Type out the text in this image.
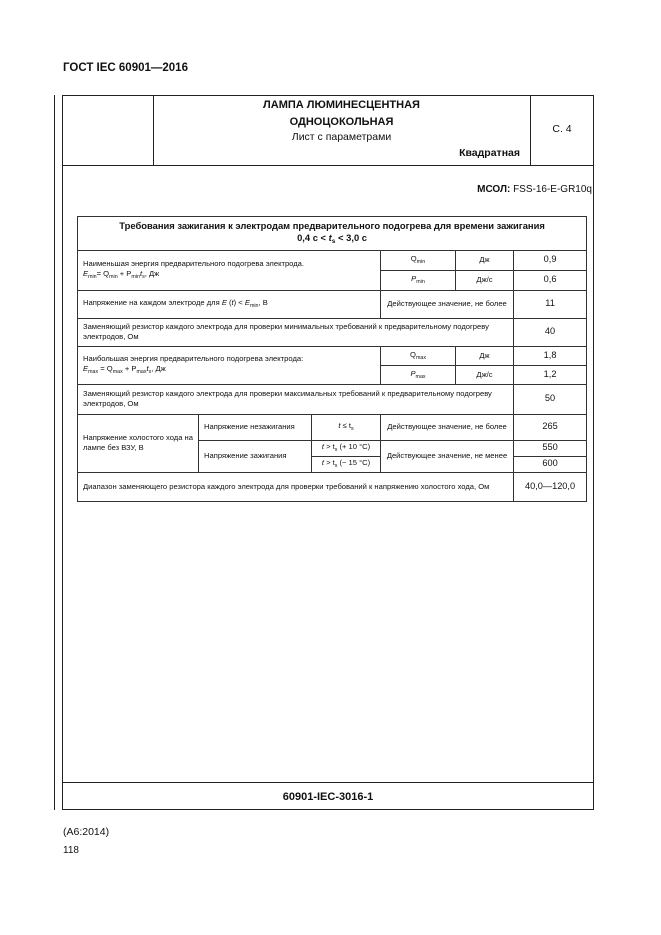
ГОСТ IEC 60901—2016
ЛАМПА ЛЮМИНЕСЦЕНТНАЯ
ОДНОЦОКОЛЬНАЯ
Лист с параметрами
Квадратная
С. 4
МСОЛ: FSS-16-E-GR10q
Требования зажигания к электродам предварительного подогрева для времени зажигания
0,4 $с < t_s < 3,0$ с					
Наименьшая энергия предварительного подогрева электрода.
$E_{min}= Q_{min} + P_{min}t_s$, Дж			$Q_{min}$	Дж	0,9
			$P_{min}$	Дж/с	0,6
Напряжение на каждом электроде для E $(t) < E_{min}$, В			Действующее значение, не более		11
Заменяющий резистор каждого электрода для проверки минимальных требований к предварительному подогреву электродов, Ом					40
Наибольшая энергия предварительного подогрева электрода:
$E_{max} = Q_{max} + P_{max}t_s$, Дж			$Q_{max}$	Дж	1,8
			$P_{max}$	Дж/с	1,2
Заменяющий резистор каждого электрода для проверки максимальных требований к предварительному подогреву электродов, Ом					50
Напряжение холостого хода на лампе без ВЗУ, В	Напряжение незажигания	$t \le t_s$	Действующее значение, не более		265
	Напряжение зажигания	$t > t_s$ (+ 10 °C)	Действующее значение, не менее		550
		$t > t_s$ (− 15 °C)			600
Диапазон заменяющего резистора каждого электрода для проверки требований к напряжению холостого хода, Ом					40,0—120,0
60901-IEC-3016-1
(А6:2014)
118
